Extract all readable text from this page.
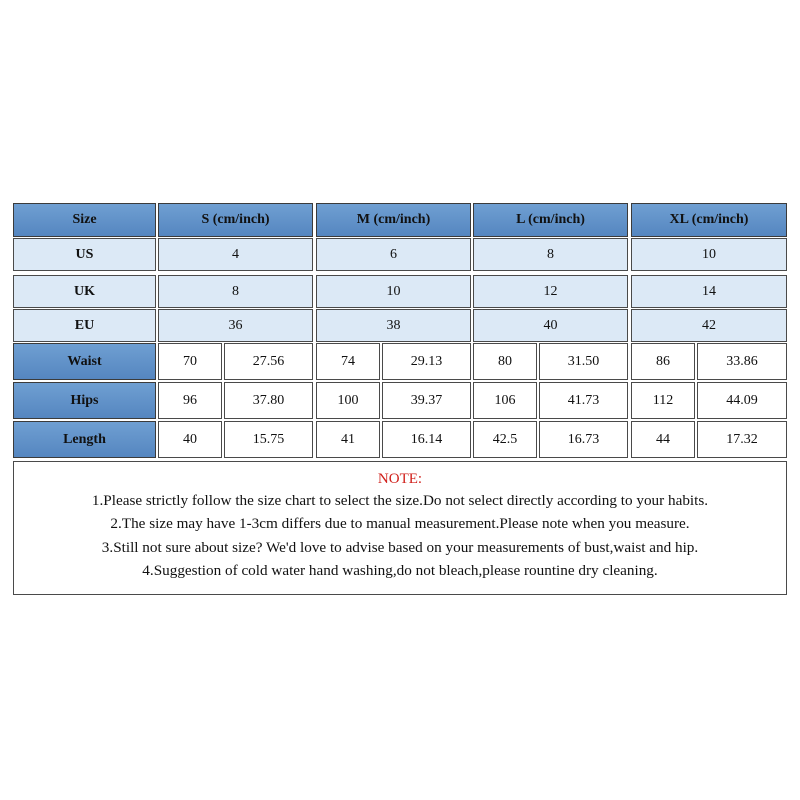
Size	S (cm/inch)	M (cm/inch)	L (cm/inch)	XL (cm/inch)
US	4	6	8	10
UK	8	10	12	14
EU	36	38	40	42
Waist	70	27.56	74	29.13	80	31.50	86	33.86
Hips	96	37.80	100	39.37	106	41.73	112	44.09
Length	40	15.75	41	16.14	42.5	16.73	44	17.32
NOTE:
1.Please strictly follow the size chart to select the size.Do not select directly according to your habits.
2.The size may have 1-3cm differs due to manual measurement.Please note when you measure.
3.Still not sure about size? We'd love to advise based on your measurements of bust,waist and hip.
4.Suggestion of cold water hand washing,do not bleach,please rountine dry cleaning.
